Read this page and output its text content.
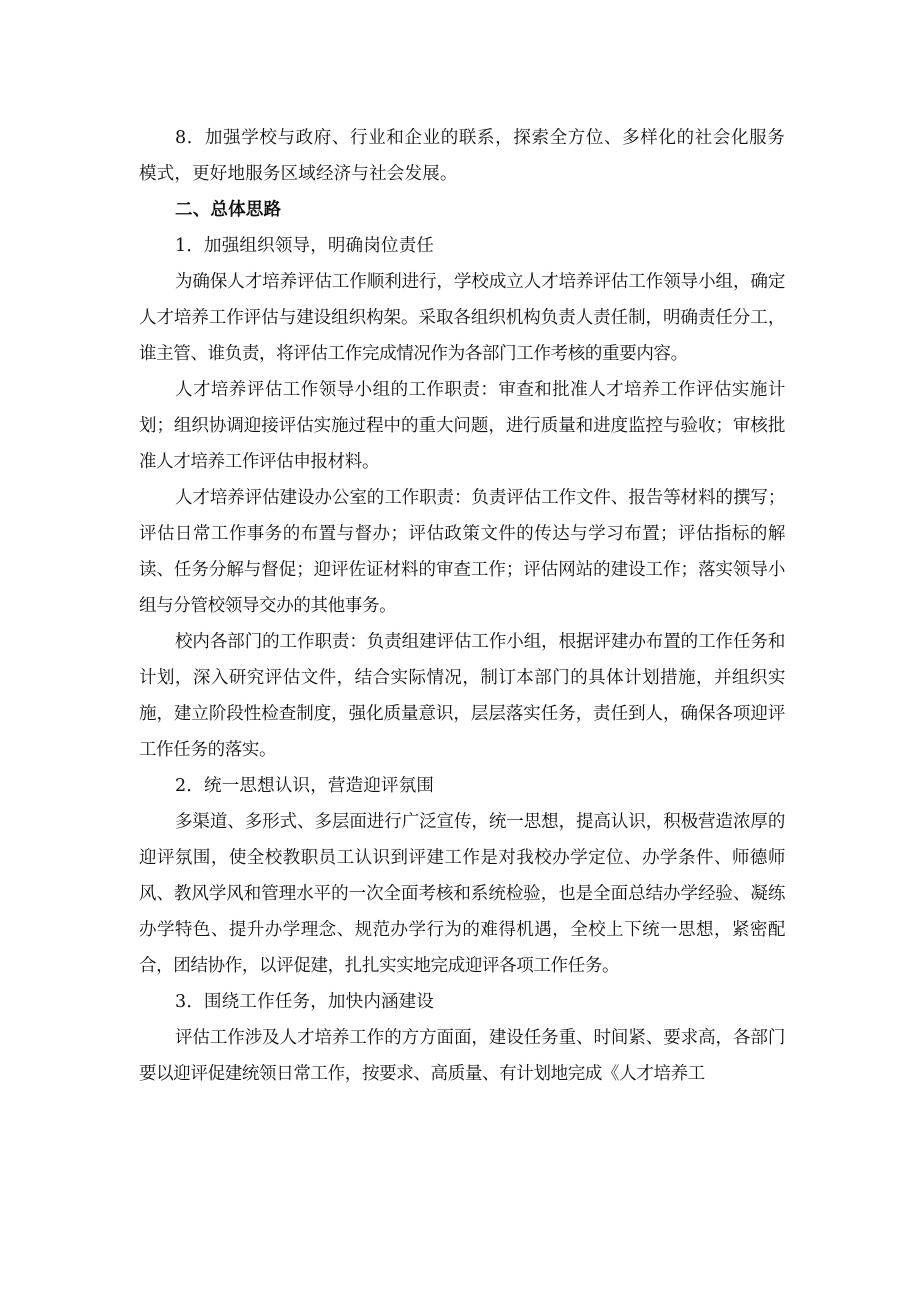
8．加强学校与政府、行业和企业的联系，探索全方位、多样化的社会化服务模式，更好地服务区域经济与社会发展。

二、总体思路

1．加强组织领导，明确岗位责任

为确保人才培养评估工作顺利进行，学校成立人才培养评估工作领导小组，确定人才培养工作评估与建设组织构架。采取各组织机构负责人责任制，明确责任分工，谁主管、谁负责，将评估工作完成情况作为各部门工作考核的重要内容。

人才培养评估工作领导小组的工作职责：审查和批准人才培养工作评估实施计划；组织协调迎接评估实施过程中的重大问题，进行质量和进度监控与验收；审核批准人才培养工作评估申报材料。

人才培养评估建设办公室的工作职责：负责评估工作文件、报告等材料的撰写；评估日常工作事务的布置与督办；评估政策文件的传达与学习布置；评估指标的解读、任务分解与督促；迎评佐证材料的审查工作；评估网站的建设工作；落实领导小组与分管校领导交办的其他事务。

校内各部门的工作职责：负责组建评估工作小组，根据评建办布置的工作任务和计划，深入研究评估文件，结合实际情况，制订本部门的具体计划措施，并组织实施，建立阶段性检查制度，强化质量意识，层层落实任务，责任到人，确保各项迎评工作任务的落实。

2．统一思想认识，营造迎评氛围

多渠道、多形式、多层面进行广泛宣传，统一思想，提高认识，积极营造浓厚的迎评氛围，使全校教职员工认识到评建工作是对我校办学定位、办学条件、师德师风、教风学风和管理水平的一次全面考核和系统检验，也是全面总结办学经验、凝练办学特色、提升办学理念、规范办学行为的难得机遇，全校上下统一思想，紧密配合，团结协作，以评促建，扎扎实实地完成迎评各项工作任务。

3．围绕工作任务，加快内涵建设

评估工作涉及人才培养工作的方方面面，建设任务重、时间紧、要求高，各部门要以迎评促建统领日常工作，按要求、高质量、有计划地完成《人才培养工
